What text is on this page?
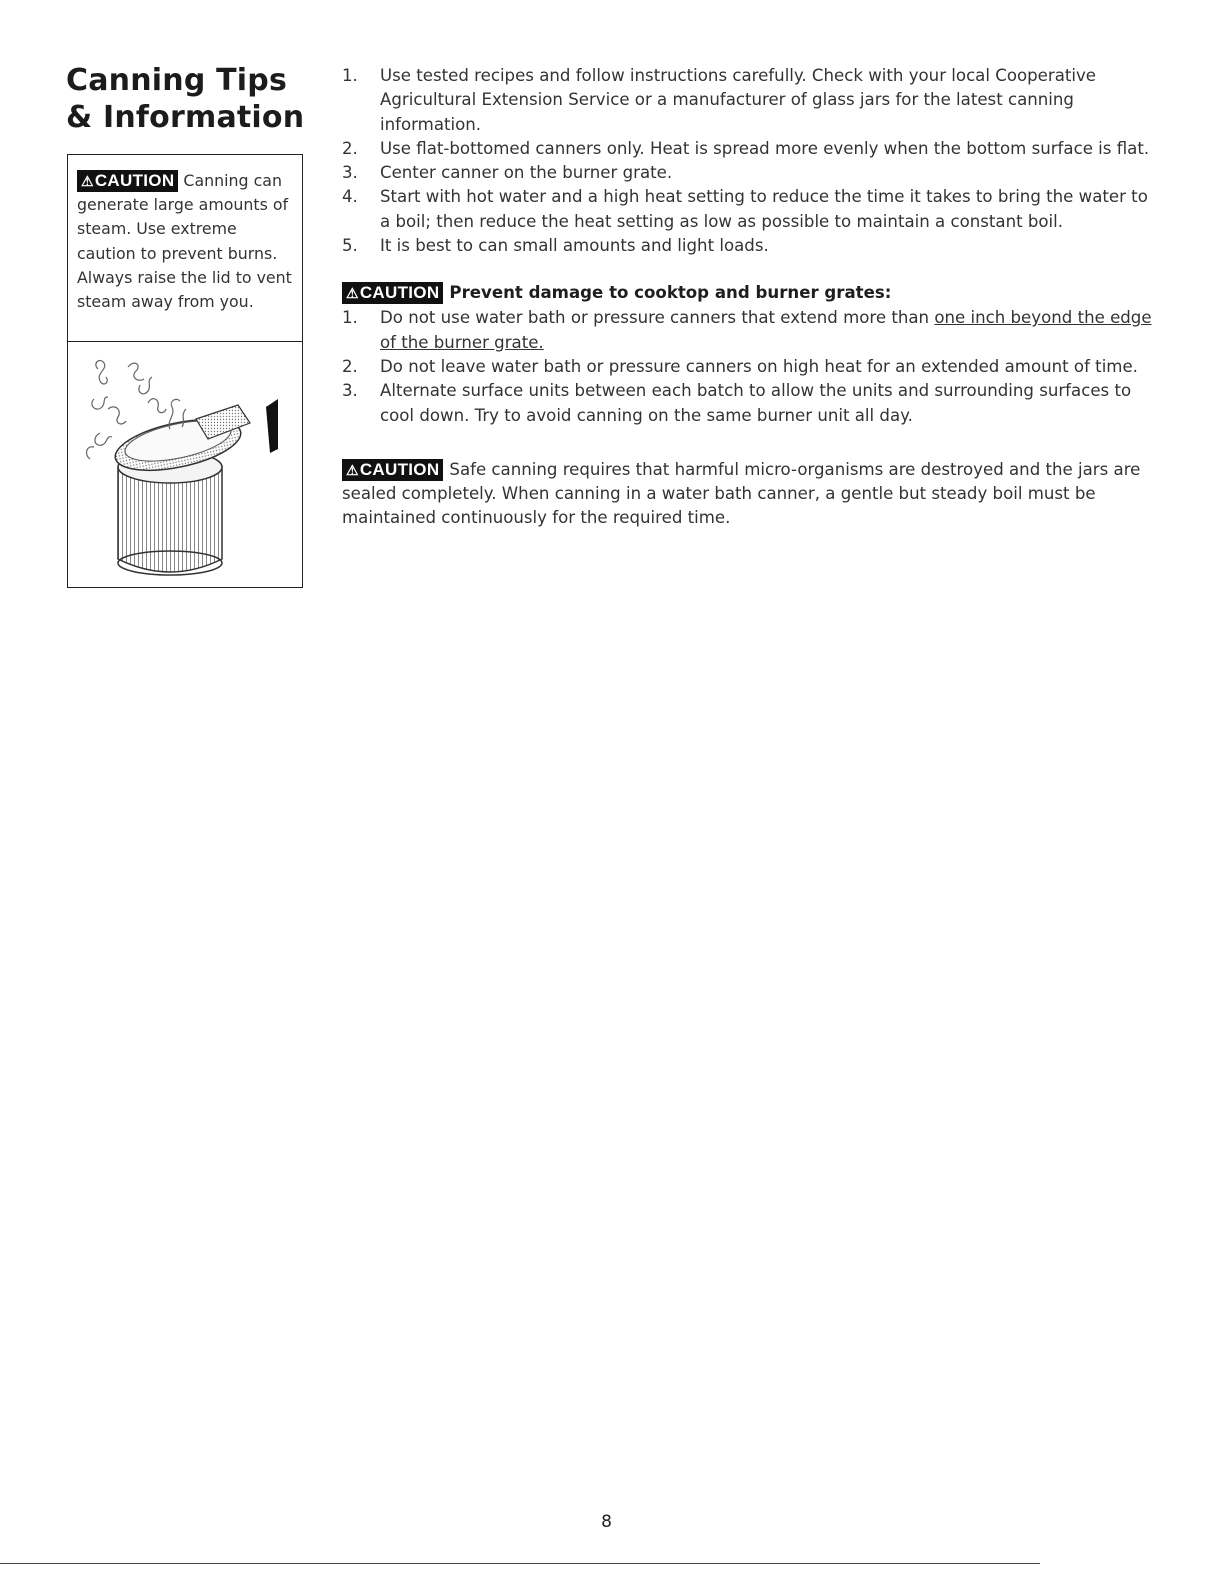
Canning Tips & Information
⚠CAUTION Canning can generate large amounts of steam. Use extreme caution to prevent burns. Always raise the lid to vent steam away from you.
1. Use tested recipes and follow instructions carefully. Check with your local Cooperative Agricultural Extension Service or a manufacturer of glass jars for the latest canning information.
2. Use flat-bottomed canners only. Heat is spread more evenly when the bottom surface is flat.
3. Center canner on the burner grate.
4. Start with hot water and a high heat setting to reduce the time it takes to bring the water to a boil; then reduce the heat setting as low as possible to maintain a constant boil.
5. It is best to can small amounts and light loads.
⚠CAUTION Prevent damage to cooktop and burner grates:
1. Do not use water bath or pressure canners that extend more than one inch beyond the edge of the burner grate.
2. Do not leave water bath or pressure canners on high heat for an extended amount of time.
3. Alternate surface units between each batch to allow the units and surrounding surfaces to cool down. Try to avoid canning on the same burner unit all day.
⚠CAUTION Safe canning requires that harmful micro-organisms are destroyed and the jars are sealed completely. When canning in a water bath canner, a gentle but steady boil must be maintained continuously for the required time.
8
